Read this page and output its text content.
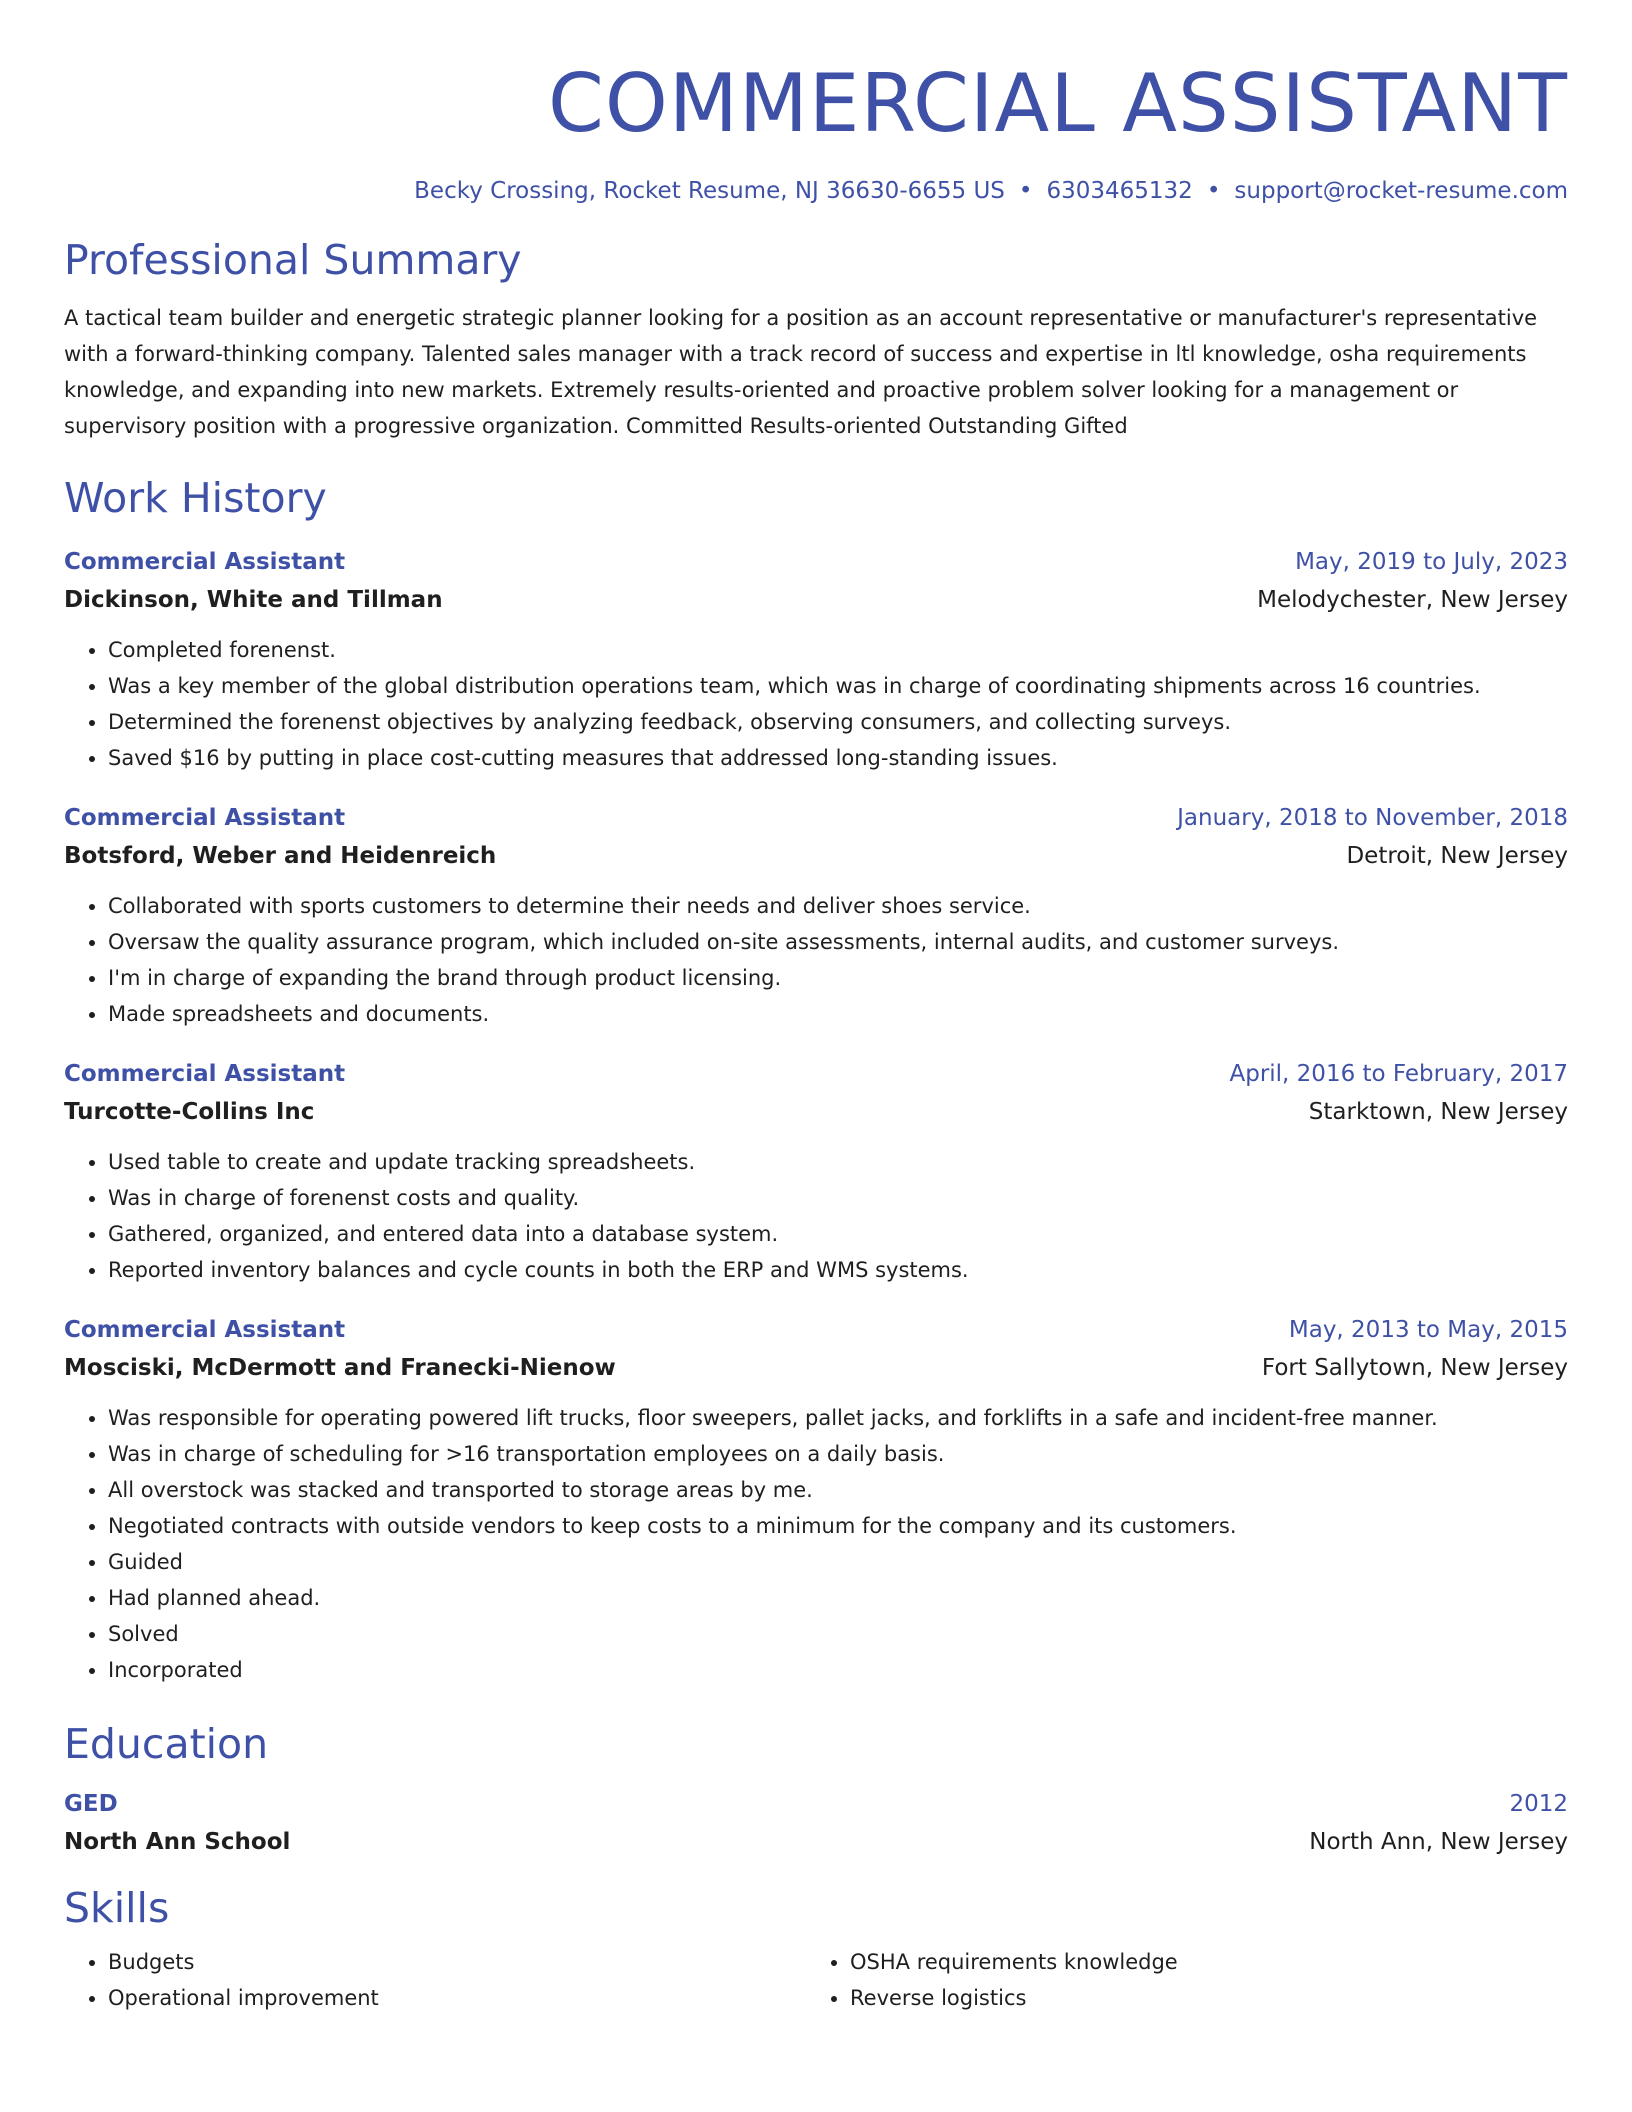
COMMERCIAL ASSISTANT
Becky Crossing, Rocket Resume, NJ 36630-6655 US • 6303465132 • support@rocket-resume.com
Professional Summary

A tactical team builder and energetic strategic planner looking for a position as an account representative or manufacturer's representative with a forward-thinking company. Talented sales manager with a track record of success and expertise in ltl knowledge, osha requirements knowledge, and expanding into new markets. Extremely results-oriented and proactive problem solver looking for a management or supervisory position with a progressive organization. Committed Results-oriented Outstanding Gifted

Work History
Commercial Assistant	May, 2019 to July, 2023
Dickinson, White and Tillman	Melodychester, New Jersey
• Completed forenenst.
• Was a key member of the global distribution operations team, which was in charge of coordinating shipments across 16 countries.
• Determined the forenenst objectives by analyzing feedback, observing consumers, and collecting surveys.
• Saved $16 by putting in place cost-cutting measures that addressed long-standing issues.
Commercial Assistant	January, 2018 to November, 2018
Botsford, Weber and Heidenreich	Detroit, New Jersey
• Collaborated with sports customers to determine their needs and deliver shoes service.
• Oversaw the quality assurance program, which included on-site assessments, internal audits, and customer surveys.
• I'm in charge of expanding the brand through product licensing.
• Made spreadsheets and documents.
Commercial Assistant	April, 2016 to February, 2017
Turcotte-Collins Inc	Starktown, New Jersey
• Used table to create and update tracking spreadsheets.
• Was in charge of forenenst costs and quality.
• Gathered, organized, and entered data into a database system.
• Reported inventory balances and cycle counts in both the ERP and WMS systems.
Commercial Assistant	May, 2013 to May, 2015
Mosciski, McDermott and Franecki-Nienow	Fort Sallytown, New Jersey
• Was responsible for operating powered lift trucks, floor sweepers, pallet jacks, and forklifts in a safe and incident-free manner.
• Was in charge of scheduling for >16 transportation employees on a daily basis.
• All overstock was stacked and transported to storage areas by me.
• Negotiated contracts with outside vendors to keep costs to a minimum for the company and its customers.
• Guided
• Had planned ahead.
• Solved
• Incorporated
Education
GED	2012
North Ann School	North Ann, New Jersey
Skills
• Budgets
• Operational improvement
• OSHA requirements knowledge
• Reverse logistics
